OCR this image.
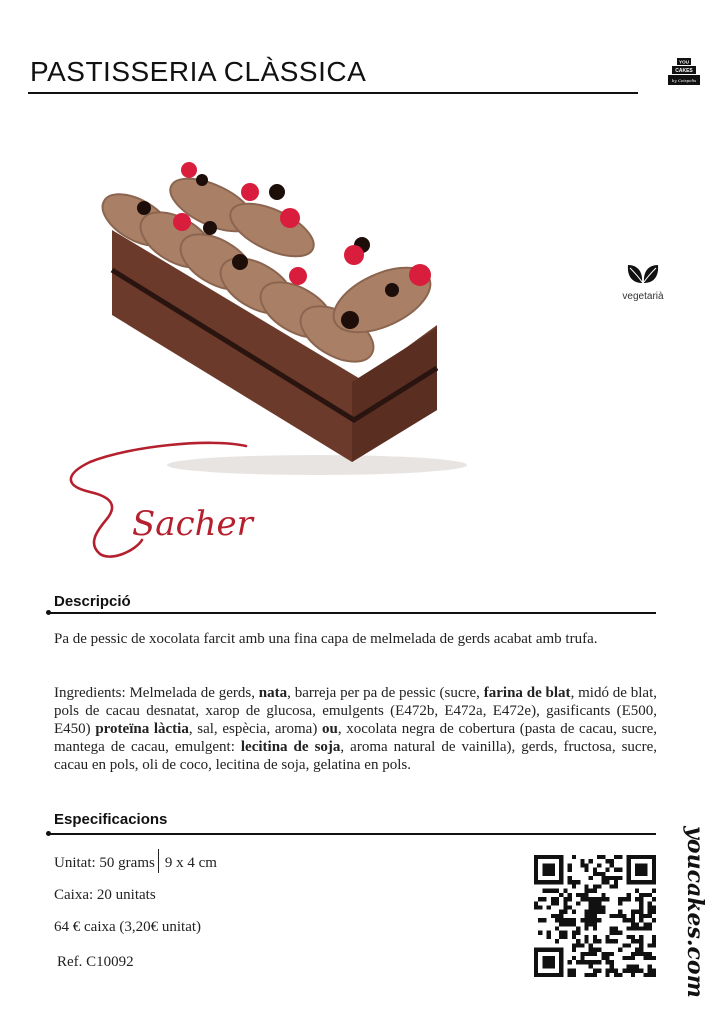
PASTISSERIA CLÀSSICA	YOU
CAKES
by Ceispelis
vegetarià
Sacher
Descripció
Pa de pessic de xocolata farcit amb una fina capa de melmelada de gerds acabat amb trufa.
Ingredients: Melmelada de gerds, nata, barreja per pa de pessic (sucre, farina de blat, midó de blat, pols de cacau desnatat, xarop de glucosa, emulgents (E472b, E472a, E472e), gasificants (E500, E450) proteïna làctia, sal, espècia, aroma) ou, xocolata negra de cobertura (pasta de cacau, sucre, mantega de cacau, emulgent: lecitina de soja, aroma natural de vainilla), gerds, fructosa, sucre, cacau en pols, oli de coco, lecitina de soja, gelatina en pols.
Especificacions
Unitat: 50 grams 9 x 4 cm
Caixa: 20 unitats
64 € caixa (3,20€ unitat)
Ref. C10092	youcakes.com
